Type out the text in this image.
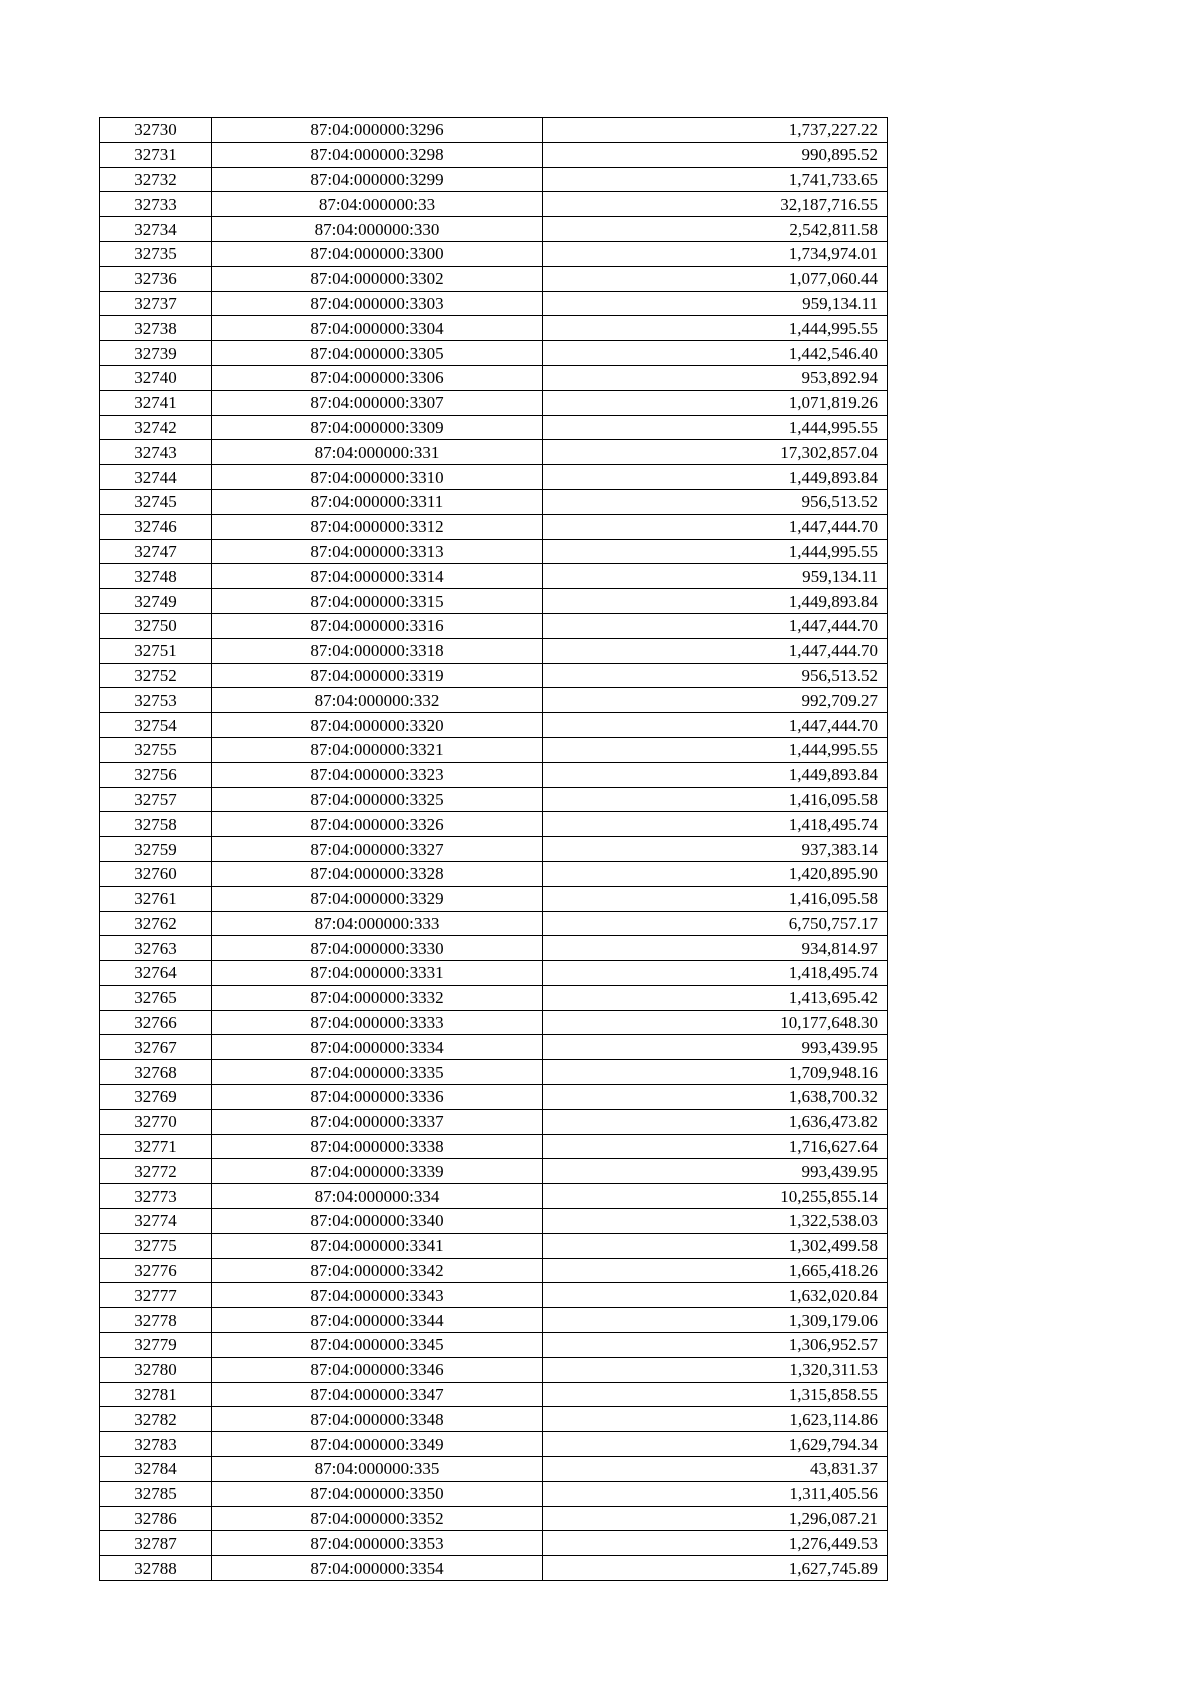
32730	87:04:000000:3296	1,737,227.22
32731	87:04:000000:3298	990,895.52
32732	87:04:000000:3299	1,741,733.65
32733	87:04:000000:33	32,187,716.55
32734	87:04:000000:330	2,542,811.58
32735	87:04:000000:3300	1,734,974.01
32736	87:04:000000:3302	1,077,060.44
32737	87:04:000000:3303	959,134.11
32738	87:04:000000:3304	1,444,995.55
32739	87:04:000000:3305	1,442,546.40
32740	87:04:000000:3306	953,892.94
32741	87:04:000000:3307	1,071,819.26
32742	87:04:000000:3309	1,444,995.55
32743	87:04:000000:331	17,302,857.04
32744	87:04:000000:3310	1,449,893.84
32745	87:04:000000:3311	956,513.52
32746	87:04:000000:3312	1,447,444.70
32747	87:04:000000:3313	1,444,995.55
32748	87:04:000000:3314	959,134.11
32749	87:04:000000:3315	1,449,893.84
32750	87:04:000000:3316	1,447,444.70
32751	87:04:000000:3318	1,447,444.70
32752	87:04:000000:3319	956,513.52
32753	87:04:000000:332	992,709.27
32754	87:04:000000:3320	1,447,444.70
32755	87:04:000000:3321	1,444,995.55
32756	87:04:000000:3323	1,449,893.84
32757	87:04:000000:3325	1,416,095.58
32758	87:04:000000:3326	1,418,495.74
32759	87:04:000000:3327	937,383.14
32760	87:04:000000:3328	1,420,895.90
32761	87:04:000000:3329	1,416,095.58
32762	87:04:000000:333	6,750,757.17
32763	87:04:000000:3330	934,814.97
32764	87:04:000000:3331	1,418,495.74
32765	87:04:000000:3332	1,413,695.42
32766	87:04:000000:3333	10,177,648.30
32767	87:04:000000:3334	993,439.95
32768	87:04:000000:3335	1,709,948.16
32769	87:04:000000:3336	1,638,700.32
32770	87:04:000000:3337	1,636,473.82
32771	87:04:000000:3338	1,716,627.64
32772	87:04:000000:3339	993,439.95
32773	87:04:000000:334	10,255,855.14
32774	87:04:000000:3340	1,322,538.03
32775	87:04:000000:3341	1,302,499.58
32776	87:04:000000:3342	1,665,418.26
32777	87:04:000000:3343	1,632,020.84
32778	87:04:000000:3344	1,309,179.06
32779	87:04:000000:3345	1,306,952.57
32780	87:04:000000:3346	1,320,311.53
32781	87:04:000000:3347	1,315,858.55
32782	87:04:000000:3348	1,623,114.86
32783	87:04:000000:3349	1,629,794.34
32784	87:04:000000:335	43,831.37
32785	87:04:000000:3350	1,311,405.56
32786	87:04:000000:3352	1,296,087.21
32787	87:04:000000:3353	1,276,449.53
32788	87:04:000000:3354	1,627,745.89
